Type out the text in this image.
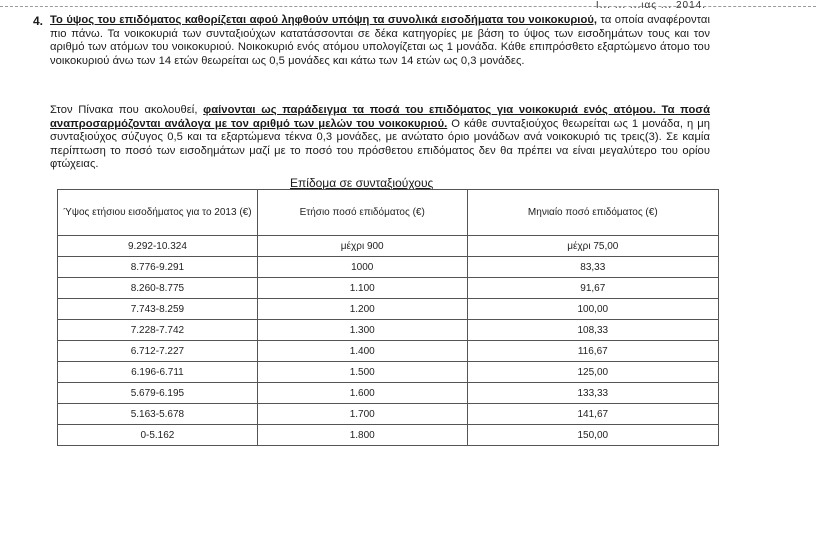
Ι... ... ...ιας ... 2014.
4. Το ύψος του επιδόματος καθορίζεται αφού ληφθούν υπόψη τα συνολικά εισοδήματα του νοικοκυριού, τα οποία αναφέρονται πιο πάνω. Τα νοικοκυριά των συνταξιούχων κατατάσσονται σε δέκα κατηγορίες με βάση το ύψος των εισοδημάτων τους και τον αριθμό των ατόμων του νοικοκυριού. Νοικοκυριό ενός ατόμου υπολογίζεται ως 1 μονάδα. Κάθε επιπρόσθετο εξαρτώμενο άτομο του νοικοκυριού άνω των 14 ετών θεωρείται ως 0,5 μονάδες και κάτω των 14 ετών ως 0,3 μονάδες.
Στον Πίνακα που ακολουθεί, φαίνονται ως παράδειγμα τα ποσά του επιδόματος για νοικοκυριά ενός ατόμου. Τα ποσά αναπροσαρμόζονται ανάλογα με τον αριθμό των μελών του νοικοκυριού. Ο κάθε συνταξιούχος θεωρείται ως 1 μονάδα, η μη συνταξιούχος σύζυγος 0,5 και τα εξαρτώμενα τέκνα 0,3 μονάδες, με ανώτατο όριο μονάδων ανά νοικοκυριό τις τρεις(3). Σε καμία περίπτωση το ποσό των εισοδημάτων μαζί με το ποσό του πρόσθετου επιδόματος δεν θα πρέπει να είναι μεγαλύτερο του ορίου φτώχειας.
Επίδομα σε συνταξιούχους
Ύψος ετήσιου εισοδήματος για το 2013 (€)	Ετήσιο ποσό επιδόματος (€)	Μηνιαίο ποσό επιδόματος (€)
9.292-10.324	μέχρι 900	μέχρι 75,00
8.776-9.291	1000	83,33
8.260-8.775	1.100	91,67
7.743-8.259	1.200	100,00
7.228-7.742	1.300	108,33
6.712-7.227	1.400	116,67
6.196-6.711	1.500	125,00
5.679-6.195	1.600	133,33
5.163-5.678	1.700	141,67
0-5.162	1.800	150,00
